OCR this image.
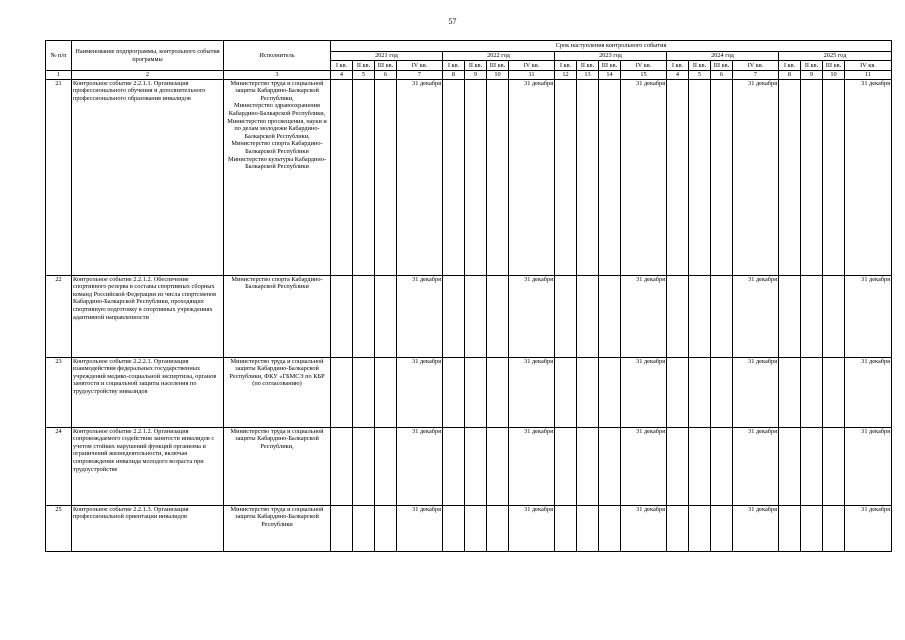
57
№ п/п	Наименование подпрограммы, контрольного события программы	Исполнитель	Срок наступления контрольного события																			
			2021 год				2022 год				2023 год				2024 год				2025 год			
			I кв.	II кв.	III кв.	IV кв.	I кв.	II кв.	III кв.	IV кв.	I кв.	II кв.	III кв.	IV кв.	I кв.	II кв.	III кв.	IV кв.	I кв.	II кв.	III кв.	IV кв.
1	2	3	4	5	6	7	8	9	10	11	12	13	14	15	4	5	6	7	8	9	10	11
21	Контрольное событие 2.2.1.1. Организация профессионального обучения и дополнительного профессионального образования инвалидов	Министерство труда и социальной защиты Кабардино-Балкарской Республики,
Министерство здравоохранения Кабардино-Балкарской Республики,
Министерство просвещения, науки и по делам молодежи Кабардино-Балкарской Республики,
Министерство спорта Кабардино-Балкарской Республики
Министерство культуры Кабардино-Балкарской Республики				31 декабря				31 декабря				31 декабря				31 декабря				31 декабря
22	Контрольное событие 2.2.1.2. Обеспечение спортивного резерва в составы спортивных сборных команд Российской Федерации из числа спортсменов Кабардино-Балкарской Республики, проходящих спортивную подготовку в спортивных учреждениях адаптивной направленности	Министерство спорта Кабардино-Балкарской Республики				31 декабря				31 декабря				31 декабря				31 декабря				31 декабря
23	Контрольное событие 2.2.2.1. Организация взаимодействия федеральных государственных учреждений медико-социальной экспертизы, органов занятости и социальной защиты населения по трудоустройству инвалидов	Министерство труда и социальной защиты Кабардино-Балкарской Республики, ФКУ «ГБМСЭ по КБР (по согласованию)				31 декабря				31 декабря				31 декабря				31 декабря				31 декабря
24	Контрольное событие 2.2.1.2. Организация сопровождаемого содействия занятости инвалидов с учетом стойких нарушений функций организма и ограничений жизнедеятельности, включая сопровождение инвалида молодого возраста при трудоустройстве	Министерство труда и социальной защиты Кабардино-Балкарской Республики,				31 декабря				31 декабря				31 декабря				31 декабря				31 декабря
25	Контрольное событие 2.2.1.3. Организация профессиональной ориентации инвалидов	Министерство труда и социальной защиты Кабардино-Балкарской Республики				31 декабря				31 декабря				31 декабря				31 декабря				31 декабря
